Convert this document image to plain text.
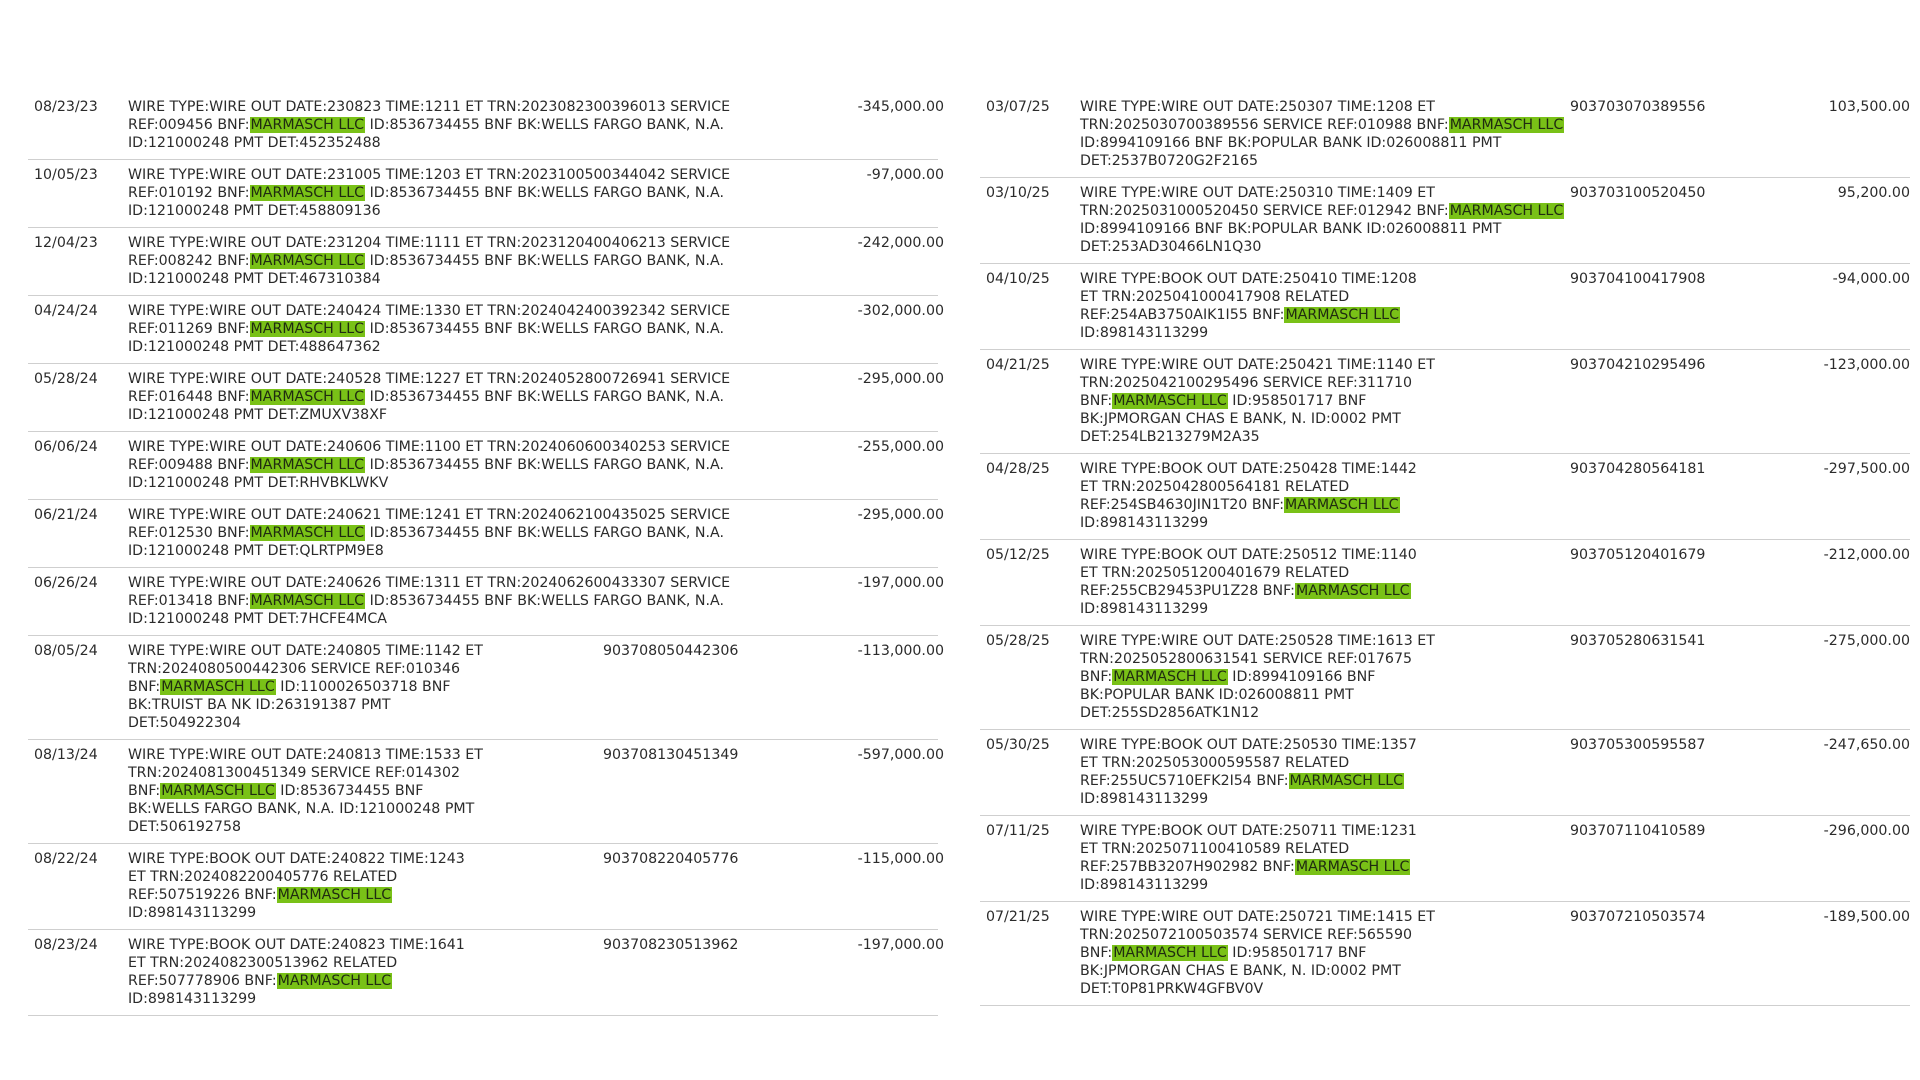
08/23/23 WIRE TYPE:WIRE OUT DATE:230823 TIME:1211 ET TRN:2023082300396013 SERVICE
REF:009456 BNF:MARMASCH LLC ID:8536734455 BNF BK:WELLS FARGO BANK, N.A.
ID:121000248 PMT DET:452352488
-345,000.00
10/05/23 WIRE TYPE:WIRE OUT DATE:231005 TIME:1203 ET TRN:2023100500344042 SERVICE
REF:010192 BNF:MARMASCH LLC ID:8536734455 BNF BK:WELLS FARGO BANK, N.A.
ID:121000248 PMT DET:458809136
-97,000.00
12/04/23 WIRE TYPE:WIRE OUT DATE:231204 TIME:1111 ET TRN:2023120400406213 SERVICE
REF:008242 BNF:MARMASCH LLC ID:8536734455 BNF BK:WELLS FARGO BANK, N.A.
ID:121000248 PMT DET:467310384
-242,000.00
04/24/24 WIRE TYPE:WIRE OUT DATE:240424 TIME:1330 ET TRN:2024042400392342 SERVICE
REF:011269 BNF:MARMASCH LLC ID:8536734455 BNF BK:WELLS FARGO BANK, N.A.
ID:121000248 PMT DET:488647362
-302,000.00
05/28/24 WIRE TYPE:WIRE OUT DATE:240528 TIME:1227 ET TRN:2024052800726941 SERVICE
REF:016448 BNF:MARMASCH LLC ID:8536734455 BNF BK:WELLS FARGO BANK, N.A.
ID:121000248 PMT DET:ZMUXV38XF
-295,000.00
06/06/24 WIRE TYPE:WIRE OUT DATE:240606 TIME:1100 ET TRN:2024060600340253 SERVICE
REF:009488 BNF:MARMASCH LLC ID:8536734455 BNF BK:WELLS FARGO BANK, N.A.
ID:121000248 PMT DET:RHVBKLWKV
-255,000.00
06/21/24 WIRE TYPE:WIRE OUT DATE:240621 TIME:1241 ET TRN:2024062100435025 SERVICE
REF:012530 BNF:MARMASCH LLC ID:8536734455 BNF BK:WELLS FARGO BANK, N.A.
ID:121000248 PMT DET:QLRTPM9E8
-295,000.00
06/26/24 WIRE TYPE:WIRE OUT DATE:240626 TIME:1311 ET TRN:2024062600433307 SERVICE
REF:013418 BNF:MARMASCH LLC ID:8536734455 BNF BK:WELLS FARGO BANK, N.A.
ID:121000248 PMT DET:7HCFE4MCA
-197,000.00
08/05/24 WIRE TYPE:WIRE OUT DATE:240805 TIME:1142 ET
TRN:2024080500442306 SERVICE REF:010346
BNF:MARMASCH LLC ID:1100026503718 BNF
BK:TRUIST BA NK ID:263191387 PMT
DET:504922304
903708050442306	-113,000.00
08/13/24 WIRE TYPE:WIRE OUT DATE:240813 TIME:1533 ET
TRN:2024081300451349 SERVICE REF:014302
BNF:MARMASCH LLC ID:8536734455 BNF
BK:WELLS FARGO BANK, N.A. ID:121000248 PMT
DET:506192758
903708130451349	-597,000.00
08/22/24 WIRE TYPE:BOOK OUT DATE:240822 TIME:1243
ET TRN:2024082200405776 RELATED
REF:507519226 BNF:MARMASCH LLC
ID:898143113299
903708220405776	-115,000.00
08/23/24 WIRE TYPE:BOOK OUT DATE:240823 TIME:1641
ET TRN:2024082300513962 RELATED
REF:507778906 BNF:MARMASCH LLC
ID:898143113299
903708230513962	-197,000.00
03/07/25 WIRE TYPE:WIRE OUT DATE:250307 TIME:1208 ET
TRN:2025030700389556 SERVICE REF:010988 BNF:MARMASCH LLC
ID:8994109166 BNF BK:POPULAR BANK ID:026008811 PMT
DET:2537B0720G2F2165
903703070389556	103,500.00
03/10/25 WIRE TYPE:WIRE OUT DATE:250310 TIME:1409 ET
TRN:2025031000520450 SERVICE REF:012942 BNF:MARMASCH LLC
ID:8994109166 BNF BK:POPULAR BANK ID:026008811 PMT
DET:253AD30466LN1Q30
903703100520450	95,200.00
04/10/25 WIRE TYPE:BOOK OUT DATE:250410 TIME:1208
ET TRN:2025041000417908 RELATED
REF:254AB3750AIK1I55 BNF:MARMASCH LLC
ID:898143113299
903704100417908	-94,000.00
04/21/25 WIRE TYPE:WIRE OUT DATE:250421 TIME:1140 ET
TRN:2025042100295496 SERVICE REF:311710
BNF:MARMASCH LLC ID:958501717 BNF
BK:JPMORGAN CHAS E BANK, N. ID:0002 PMT
DET:254LB213279M2A35
903704210295496	-123,000.00
04/28/25 WIRE TYPE:BOOK OUT DATE:250428 TIME:1442
ET TRN:2025042800564181 RELATED
REF:254SB4630JIN1T20 BNF:MARMASCH LLC
ID:898143113299
903704280564181	-297,500.00
05/12/25 WIRE TYPE:BOOK OUT DATE:250512 TIME:1140
ET TRN:2025051200401679 RELATED
REF:255CB29453PU1Z28 BNF:MARMASCH LLC
ID:898143113299
903705120401679	-212,000.00
05/28/25 WIRE TYPE:WIRE OUT DATE:250528 TIME:1613 ET
TRN:2025052800631541 SERVICE REF:017675
BNF:MARMASCH LLC ID:8994109166 BNF
BK:POPULAR BANK ID:026008811 PMT
DET:255SD2856ATK1N12
903705280631541	-275,000.00
05/30/25 WIRE TYPE:BOOK OUT DATE:250530 TIME:1357
ET TRN:2025053000595587 RELATED
REF:255UC5710EFK2I54 BNF:MARMASCH LLC
ID:898143113299
903705300595587	-247,650.00
07/11/25 WIRE TYPE:BOOK OUT DATE:250711 TIME:1231
ET TRN:2025071100410589 RELATED
REF:257BB3207H902982 BNF:MARMASCH LLC
ID:898143113299
903707110410589	-296,000.00
07/21/25 WIRE TYPE:WIRE OUT DATE:250721 TIME:1415 ET
TRN:2025072100503574 SERVICE REF:565590
BNF:MARMASCH LLC ID:958501717 BNF
BK:JPMORGAN CHAS E BANK, N. ID:0002 PMT
DET:T0P81PRKW4GFBV0V
903707210503574	-189,500.00
